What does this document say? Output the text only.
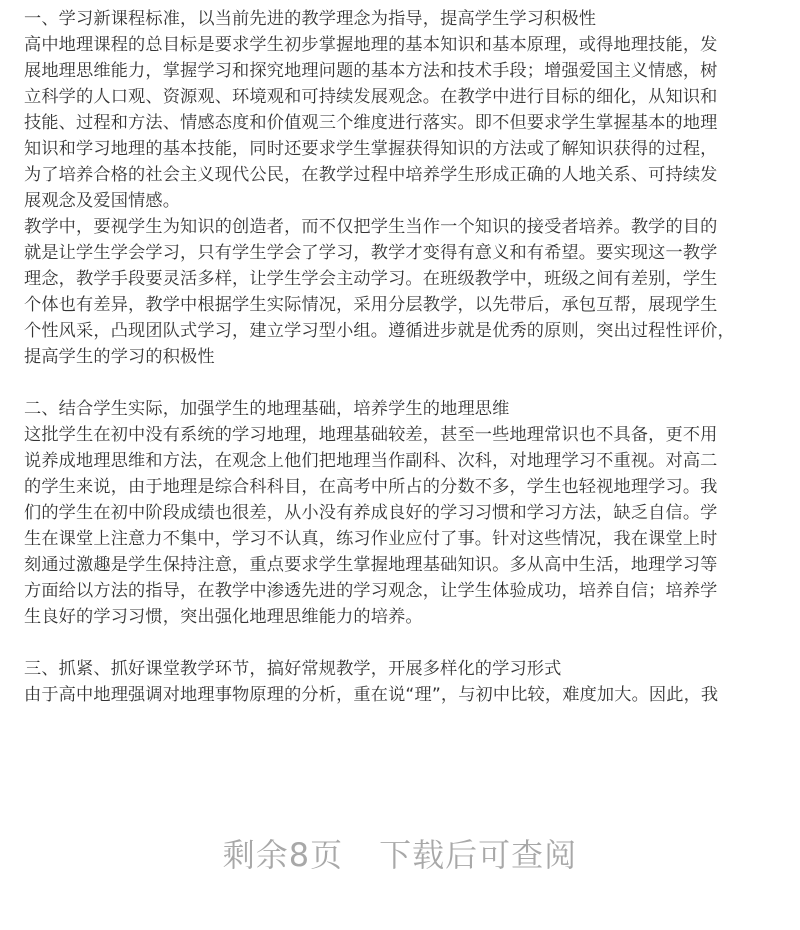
一、学习新课程标准，以当前先进的教学理念为指导，提高学生学习积极性
高中地理课程的总目标是要求学生初步掌握地理的基本知识和基本原理，或得地理技能，发
展地理思维能力，掌握学习和探究地理问题的基本方法和技术手段；增强爱国主义情感，树
立科学的人口观、资源观、环境观和可持续发展观念。在教学中进行目标的细化，从知识和
技能、过程和方法、情感态度和价值观三个维度进行落实。即不但要求学生掌握基本的地理
知识和学习地理的基本技能，同时还要求学生掌握获得知识的方法或了解知识获得的过程，
为了培养合格的社会主义现代公民，在教学过程中培养学生形成正确的人地关系、可持续发
展观念及爱国情感。
教学中，要视学生为知识的创造者，而不仅把学生当作一个知识的接受者培养。教学的目的
就是让学生学会学习，只有学生学会了学习，教学才变得有意义和有希望。要实现这一教学
理念，教学手段要灵活多样，让学生学会主动学习。在班级教学中，班级之间有差别，学生
个体也有差异，教学中根据学生实际情况，采用分层教学，以先带后，承包互帮，展现学生
个性风采，凸现团队式学习，建立学习型小组。遵循进步就是优秀的原则，突出过程性评价，
提高学生的学习的积极性
二、结合学生实际，加强学生的地理基础，培养学生的地理思维
这批学生在初中没有系统的学习地理，地理基础较差，甚至一些地理常识也不具备，更不用
说养成地理思维和方法，在观念上他们把地理当作副科、次科，对地理学习不重视。对高二
的学生来说，由于地理是综合科科目，在高考中所占的分数不多，学生也轻视地理学习。我
们的学生在初中阶段成绩也很差，从小没有养成良好的学习习惯和学习方法，缺乏自信。学
生在课堂上注意力不集中，学习不认真，练习作业应付了事。针对这些情况，我在课堂上时
刻通过激趣是学生保持注意，重点要求学生掌握地理基础知识。多从高中生活，地理学习等
方面给以方法的指导，在教学中渗透先进的学习观念，让学生体验成功，培养自信；培养学
生良好的学习习惯，突出强化地理思维能力的培养。
三、抓紧、抓好课堂教学环节，搞好常规教学，开展多样化的学习形式
由于高中地理强调对地理事物原理的分析，重在说“理”，与初中比较，难度加大。因此，我
剩余8页 下载后可查阅
